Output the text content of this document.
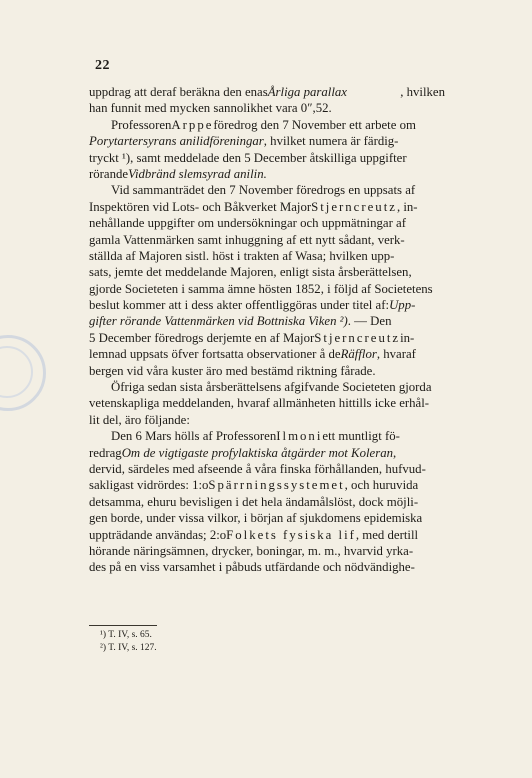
22
uppdrag att deraf beräkna den enasÅrliga parallax	, hvilken
han funnit med mycken sannolikhet vara 0″,52.
ProfessorenArppeföredrog den 7 November ett arbete om
Porytartersyrans anilidföreningar, hvilket numera är färdig-
tryckt ¹), samt meddelade den 5 December åtskilliga uppgifter
rörandeVidbränd slemsyrad anilin.
Vid sammanträdet den 7 November föredrogs en uppsats af
Inspektören vid Lots- och Båkverket MajorStjerncreutz, in-
nehållande uppgifter om undersökningar och uppmätningar af
gamla Vattenmärken samt inhuggning af ett nytt sådant, verk-
ställda af Majoren sistl. höst i trakten af Wasa; hvilken upp-
sats, jemte det meddelande Majoren, enligt sista årsberättelsen,
gjorde Societeten i samma ämne hösten 1852, i följd af Societetens
beslut kommer att i dess akter offentliggöras under titel af:Upp-
gifter rörande Vattenmärken vid Bottniska Viken ²). — Den
5 December föredrogs derjemte en af MajorStjerncreutzin-
lemnad uppsats öfver fortsatta observationer å deRäfflor, hvaraf
bergen vid våra kuster äro med bestämd riktning fårade.
Öfriga sedan sista årsberättelsens afgifvande Societeten gjorda
vetenskapliga meddelanden, hvaraf allmänheten hittills icke erhål-
lit del, äro följande:
Den 6 Mars hölls af ProfessorenIlmoniett muntligt fö-
redragOm de vigtigaste profylaktiska åtgärder mot Koleran,
dervid, särdeles med afseende å våra finska förhållanden, hufvud-
sakligast vidrördes: 1:oSpärrningssystemet, och huruvida
detsamma, ehuru bevisligen i det hela ändamålslöst, dock möjli-
gen borde, under vissa vilkor, i början af sjukdomens epidemiska
uppträdande användas; 2:oFolkets fysiska lif, med dertill
hörande näringsämnen, drycker, boningar, m. m., hvarvid yrka-
des på en viss varsamhet i påbuds utfärdande och nödvändighe-
¹) T. IV, s. 65.
²) T. IV, s. 127.
